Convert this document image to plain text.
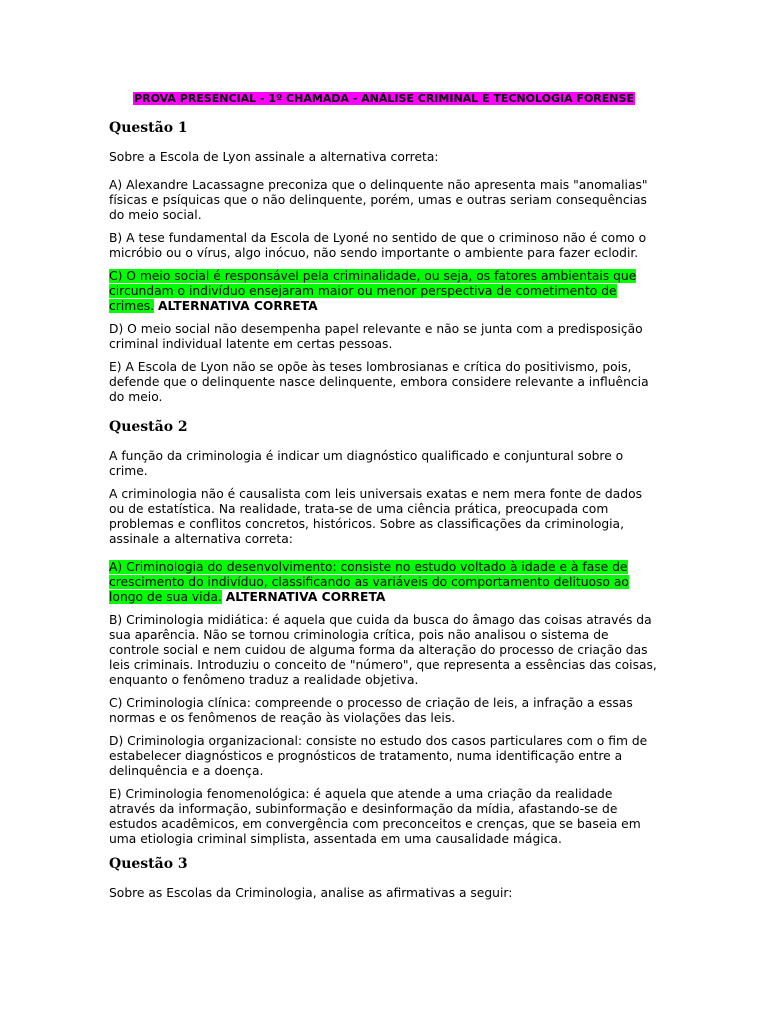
PROVA PRESENCIAL - 1º CHAMADA - ANÁLISE CRIMINAL E TECNOLOGIA FORENSE
Questão 1

Sobre a Escola de Lyon assinale a alternativa correta:

A) Alexandre Lacassagne preconiza que o delinquente não apresenta mais "anomalias" físicas e psíquicas que o não delinquente, porém, umas e outras seriam consequências do meio social.

B) A tese fundamental da Escola de Lyoné no sentido de que o criminoso não é como o micróbio ou o vírus, algo inócuo, não sendo importante o ambiente para fazer eclodir.

C) O meio social é responsável pela criminalidade, ou seja, os fatores ambientais que circundam o indivíduo ensejaram maior ou menor perspectiva de cometimento de crimes. ALTERNATIVA CORRETA

D) O meio social não desempenha papel relevante e não se junta com a predisposição criminal individual latente em certas pessoas.

E) A Escola de Lyon não se opõe às teses lombrosianas e crítica do positivismo, pois, defende que o delinquente nasce delinquente, embora considere relevante a influência do meio.

Questão 2

A função da criminologia é indicar um diagnóstico qualificado e conjuntural sobre o crime.

A criminologia não é causalista com leis universais exatas e nem mera fonte de dados ou de estatística. Na realidade, trata-se de uma ciência prática, preocupada com problemas e conflitos concretos, históricos. Sobre as classificações da criminologia, assinale a alternativa correta:

A) Criminologia do desenvolvimento: consiste no estudo voltado à idade e à fase de crescimento do indivíduo, classificando as variáveis do comportamento delituoso ao longo de sua vida. ALTERNATIVA CORRETA

B) Criminologia midiática: é aquela que cuida da busca do âmago das coisas através da sua aparência. Não se tornou criminologia crítica, pois não analisou o sistema de controle social e nem cuidou de alguma forma da alteração do processo de criação das leis criminais. Introduziu o conceito de "número", que representa a essências das coisas, enquanto o fenômeno traduz a realidade objetiva.

C) Criminologia clínica: compreende o processo de criação de leis, a infração a essas normas e os fenômenos de reação às violações das leis.

D) Criminologia organizacional: consiste no estudo dos casos particulares com o fim de estabelecer diagnósticos e prognósticos de tratamento, numa identificação entre a delinquência e a doença.

E) Criminologia fenomenológica: é aquela que atende a uma criação da realidade através da informação, subinformação e desinformação da mídia, afastando-se de estudos acadêmicos, em convergência com preconceitos e crenças, que se baseia em uma etiologia criminal simplista, assentada em uma causalidade mágica.

Questão 3

Sobre as Escolas da Criminologia, analise as afirmativas a seguir:
